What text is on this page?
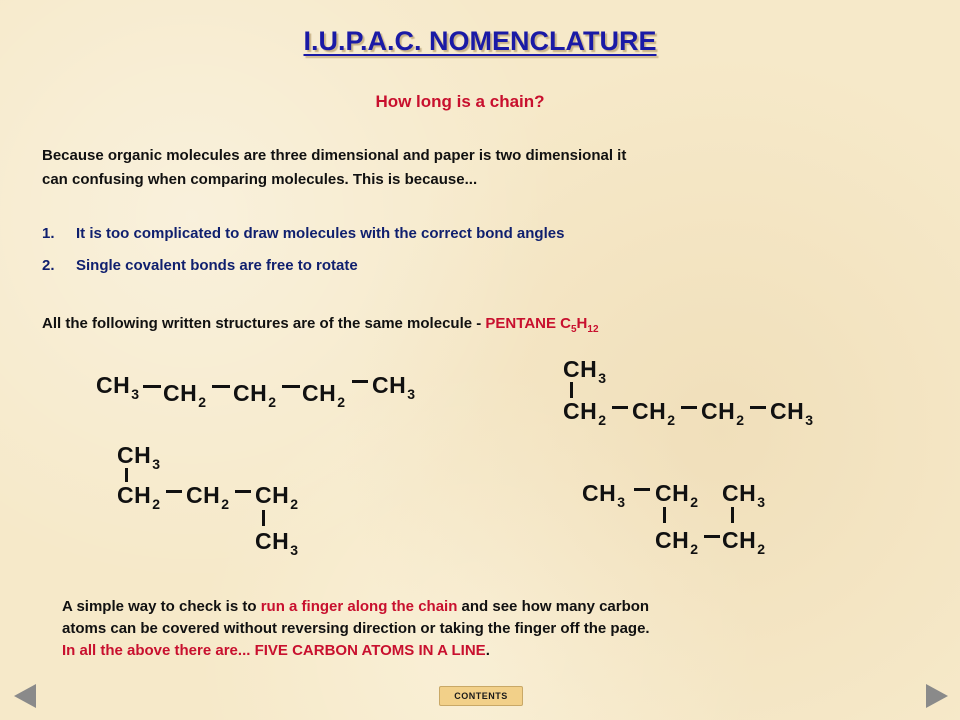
I.U.P.A.C. NOMENCLATURE
How long is a chain?
Because organic molecules are three dimensional and paper is two dimensional it
can confusing when comparing molecules. This is because...
1. It is too complicated to draw molecules with the correct bond angles
2. Single covalent bonds are free to rotate
All the following written structures are of the same molecule - PENTANE $C_5H_{12}$
$CH_3$ $CH_2$ $CH_2$ $CH_2$
$CH_3$
$CH_3$
$CH_2$ $CH_2$ $CH_2$ $CH_3$
$CH_3$
$CH_2$ $CH_2$ $CH_2$
$CH_3$
$CH_3$ $CH_2$ $CH_3$
$CH_2$ $CH_2$
A simple way to check is to run a finger along the chain and see how many carbon
atoms can be covered without reversing direction or taking the finger off the page.
In all the above there are... FIVE CARBON ATOMS IN A LINE.
CONTENTS
